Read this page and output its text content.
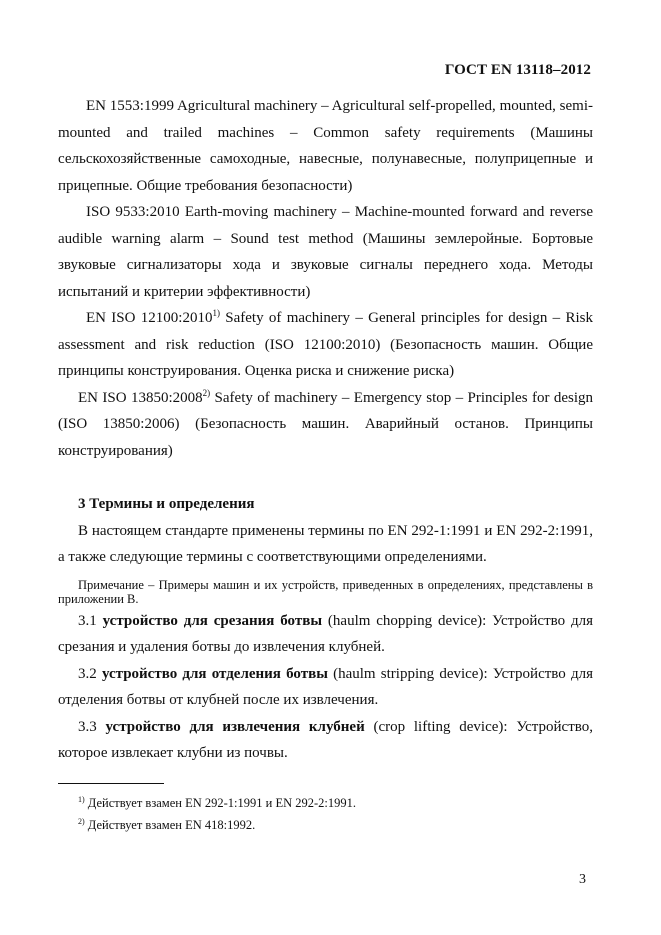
ГОСТ EN 13118–2012

EN 1553:1999 Agricultural machinery – Agricultural self-propelled, mounted, semi-mounted and trailed machines – Common safety requirements (Машины сельскохозяйственные самоходные, навесные, полунавесные, полуприцепные и прицепные. Общие требования безопасности)

ISO 9533:2010 Earth-moving machinery – Machine-mounted forward and reverse audible warning alarm – Sound test method (Машины землеройные. Бортовые звуковые сигнализаторы хода и звуковые сигналы переднего хода. Методы испытаний и критерии эффективности)

EN ISO 12100:2010$^{1)}$ Safety of machinery – General principles for design – Risk assessment and risk reduction (ISO 12100:2010) (Безопасность машин. Общие принципы конструирования. Оценка риска и снижение риска)

EN ISO 13850:2008$^{2)}$ Safety of machinery – Emergency stop – Principles for design (ISO 13850:2006) (Безопасность машин. Аварийный останов. Принципы конструирования)

3 Термины и определения

В настоящем стандарте применены термины по EN 292-1:1991 и EN 292-2:1991, а также следующие термины с соответствующими определениями.

Примечание – Примеры машин и их устройств, приведенных в определениях, представлены в приложении В.

3.1 устройство для срезания ботвы (haulm chopping device): Устройство для срезания и удаления ботвы до извлечения клубней.

3.2 устройство для отделения ботвы (haulm stripping device): Устройство для отделения ботвы от клубней после их извлечения.

3.3 устройство для извлечения клубней (crop lifting device): Устройство, которое извлекает клубни из почвы.

$^{1)}$ Действует взамен EN 292-1:1991 и EN 292-2:1991.
$^{2)}$ Действует взамен EN 418:1992.
3
